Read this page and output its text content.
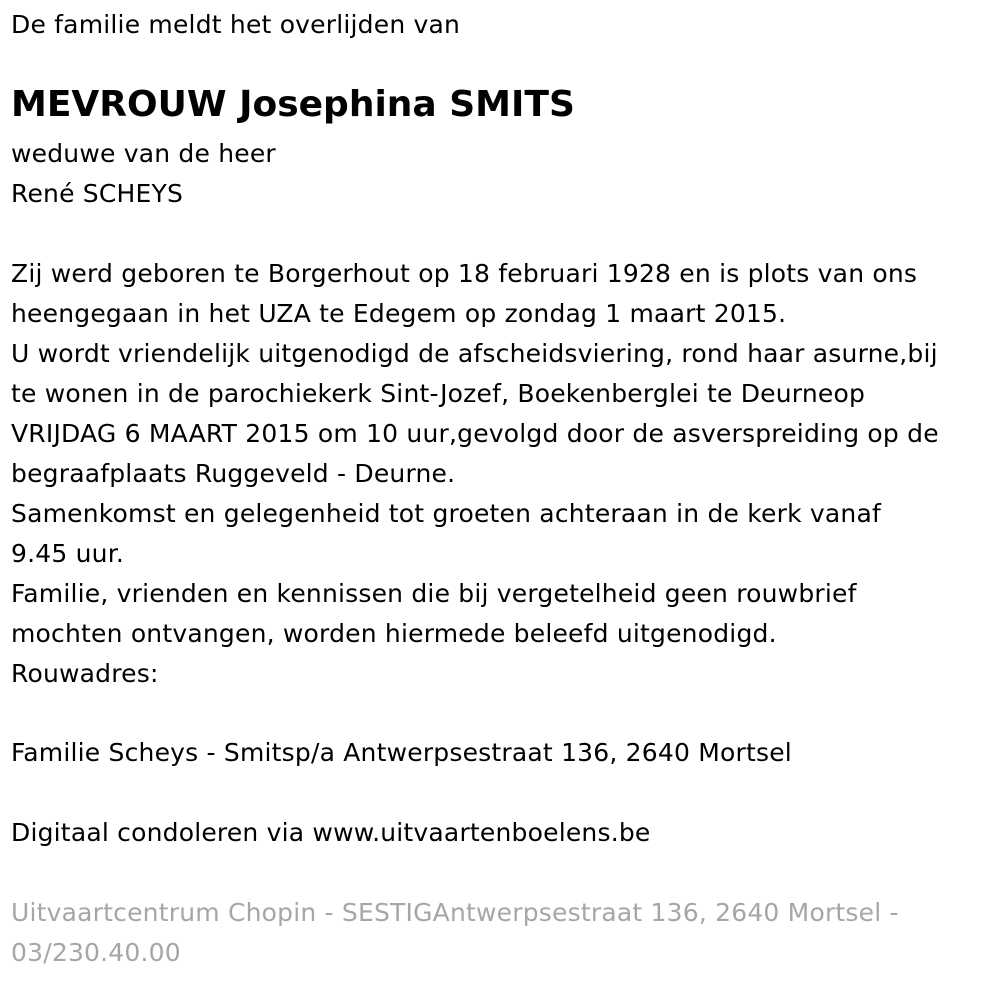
De familie meldt het overlijden van
MEVROUW Josephina SMITS
weduwe van de heer
René SCHEYS
Zij werd geboren te Borgerhout op 18 februari 1928 en is plots van ons
heengegaan in het UZA te Edegem op zondag 1 maart 2015.
U wordt vriendelijk uitgenodigd de afscheidsviering, rond haar asurne,bij
te wonen in de parochiekerk Sint-Jozef, Boekenberglei te Deurneop
VRIJDAG 6 MAART 2015 om 10 uur,gevolgd door de asverspreiding op de
begraafplaats Ruggeveld - Deurne.
Samenkomst en gelegenheid tot groeten achteraan in de kerk vanaf
9.45 uur.
Familie, vrienden en kennissen die bij vergetelheid geen rouwbrief
mochten ontvangen, worden hiermede beleefd uitgenodigd.
Rouwadres:
Familie Scheys - Smitsp/a Antwerpsestraat 136, 2640 Mortsel
Digitaal condoleren via www.uitvaartenboelens.be
Uitvaartcentrum Chopin - SESTIGAntwerpsestraat 136, 2640 Mortsel -
03/230.40.00
